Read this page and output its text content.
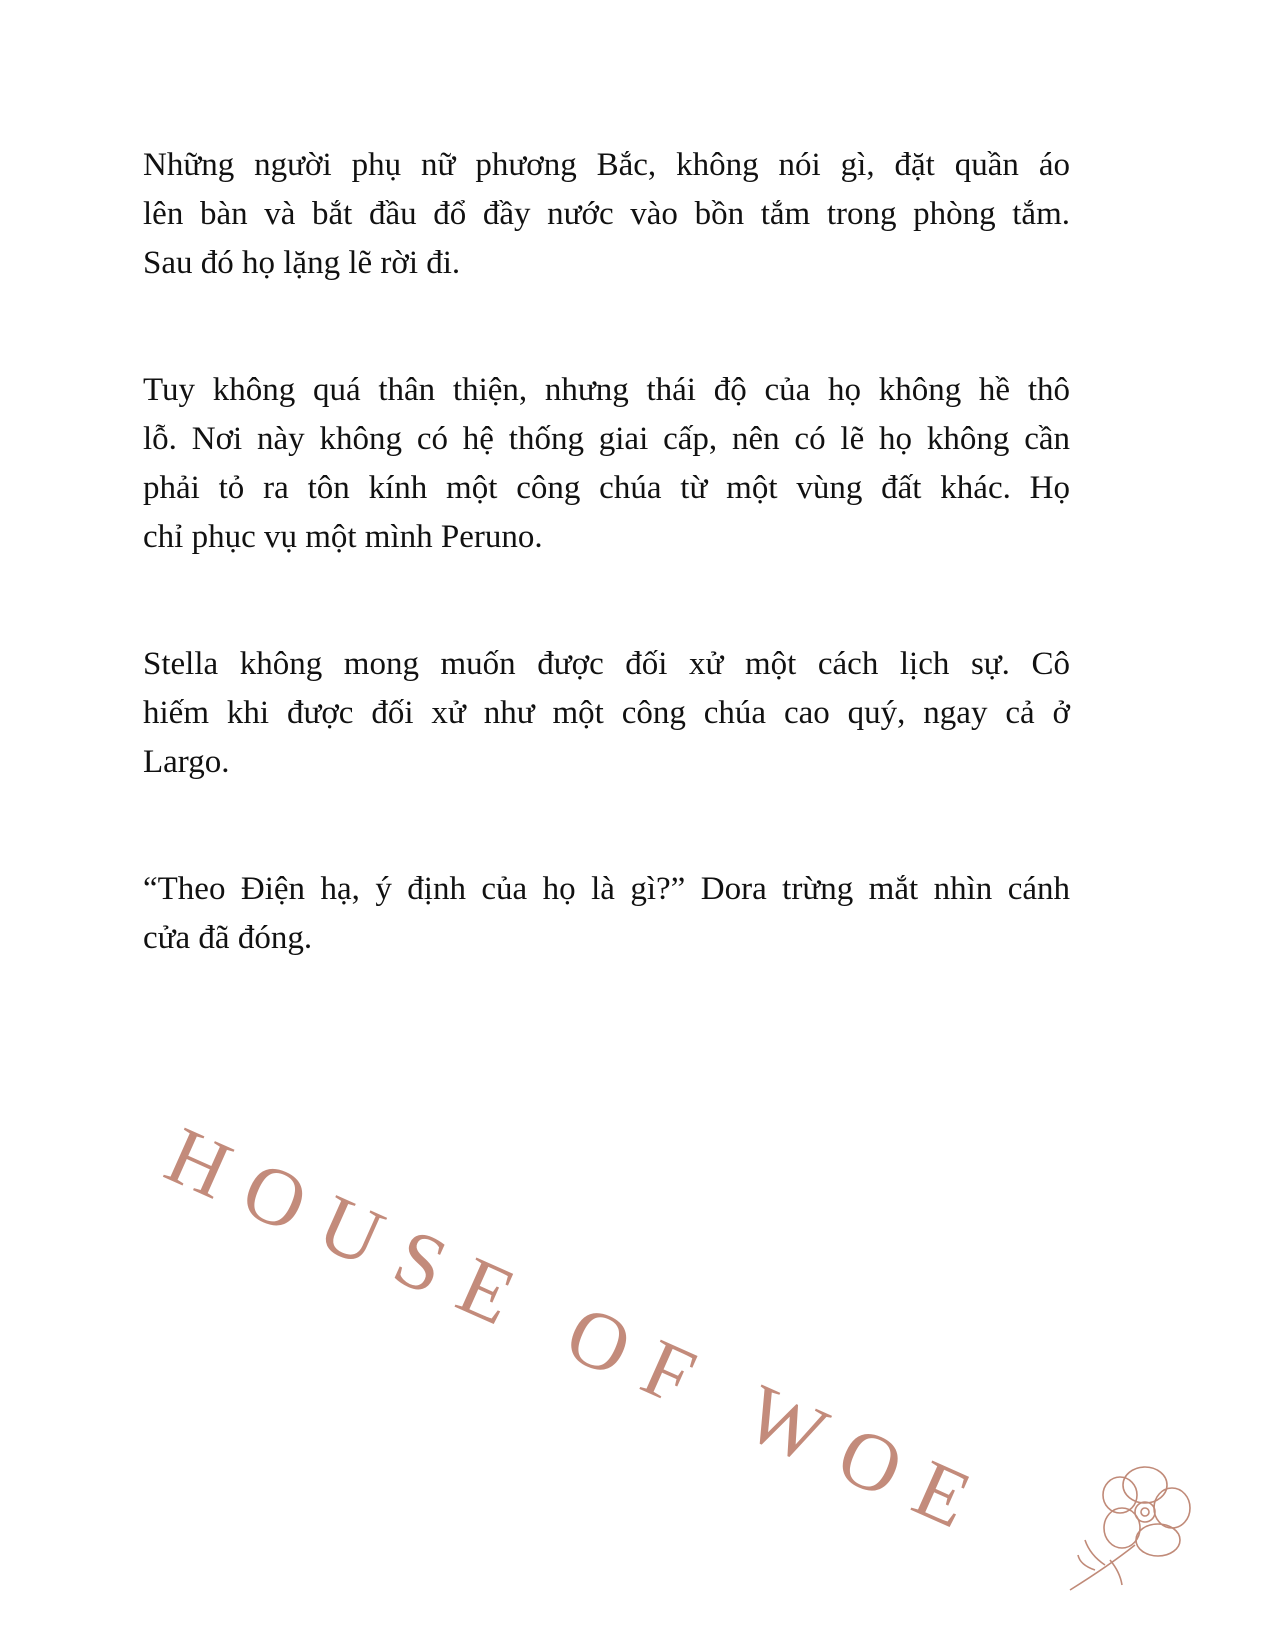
Những người phụ nữ phương Bắc, không nói gì, đặt quần áo
lên bàn và bắt đầu đổ đầy nước vào bồn tắm trong phòng tắm.
Sau đó họ lặng lẽ rời đi.
Tuy không quá thân thiện, nhưng thái độ của họ không hề thô
lỗ. Nơi này không có hệ thống giai cấp, nên có lẽ họ không cần
phải tỏ ra tôn kính một công chúa từ một vùng đất khác. Họ
chỉ phục vụ một mình Peruno.
Stella không mong muốn được đối xử một cách lịch sự. Cô
hiếm khi được đối xử như một công chúa cao quý, ngay cả ở
Largo.
“Theo Điện hạ, ý định của họ là gì?” Dora trừng mắt nhìn cánh
cửa đã đóng.
HOUSE OF WOE
